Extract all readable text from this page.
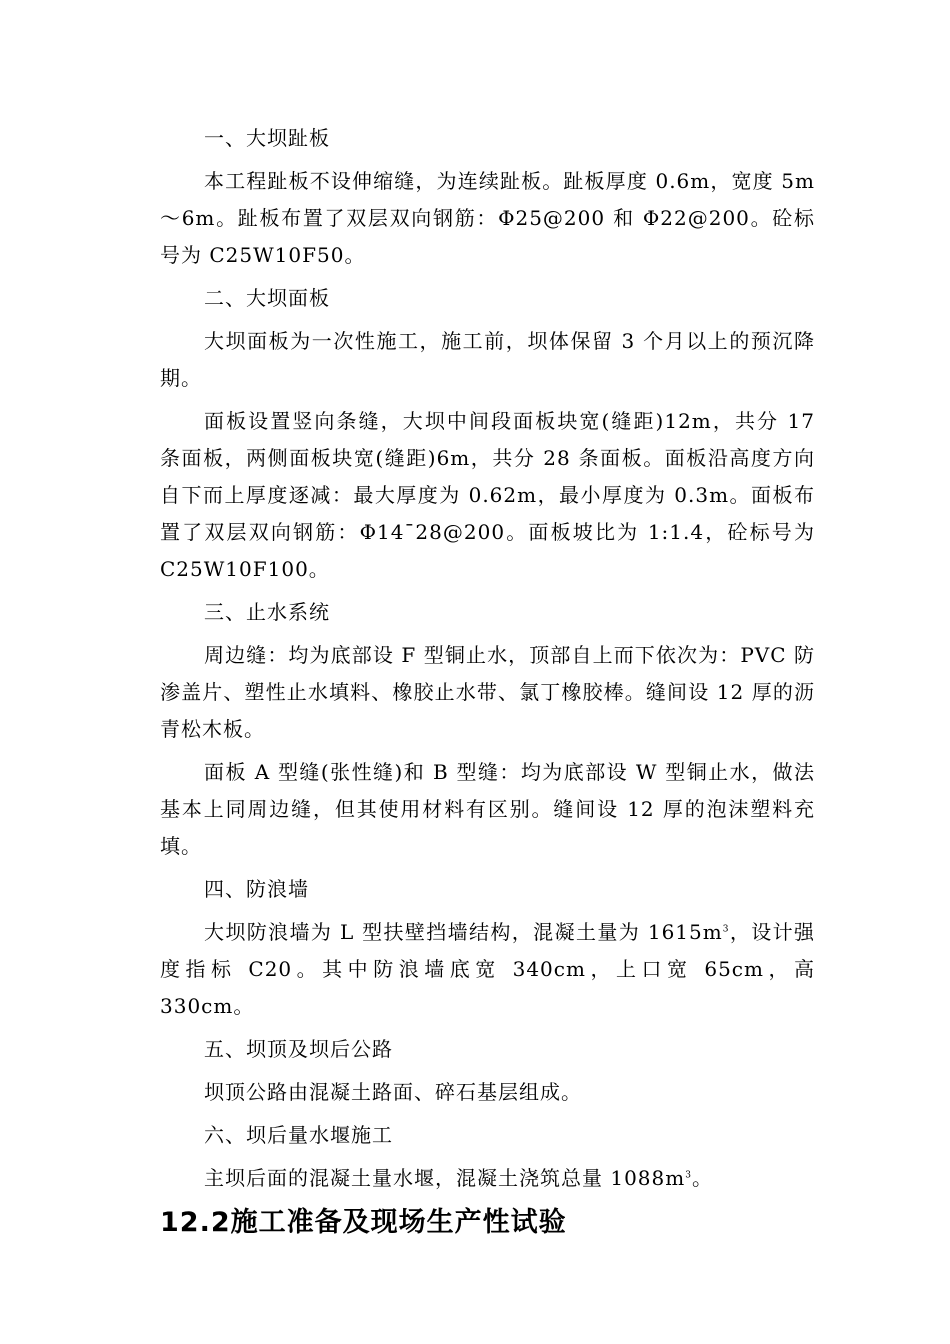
一、大坝趾板

本工程趾板不设伸缩缝，为连续趾板。趾板厚度 0.6m，宽度 5m～6m。趾板布置了双层双向钢筋：Φ25@200 和 Φ22@200。砼标号为 C25W10F50。

二、大坝面板

大坝面板为一次性施工，施工前，坝体保留 3 个月以上的预沉降期。

面板设置竖向条缝，大坝中间段面板块宽(缝距)12m，共分 17 条面板，两侧面板块宽(缝距)6m，共分 28 条面板。面板沿高度方向自下而上厚度逐减：最大厚度为 0.62m，最小厚度为 0.3m。面板布置了双层双向钢筋：Φ14¯28@200。面板坡比为 1:1.4，砼标号为 C25W10F100。

三、止水系统

周边缝：均为底部设 F 型铜止水，顶部自上而下依次为：PVC 防渗盖片、塑性止水填料、橡胶止水带、氯丁橡胶棒。缝间设 12 厚的沥青松木板。

面板 A 型缝(张性缝)和 B 型缝：均为底部设 W 型铜止水，做法基本上同周边缝，但其使用材料有区别。缝间设 12 厚的泡沫塑料充填。

四、防浪墙

大坝防浪墙为 L 型扶壁挡墙结构，混凝土量为 $1615m^3$，设计强度指标 C20。其中防浪墙底宽 340cm，上口宽 65cm，高 330cm。

五、坝顶及坝后公路

坝顶公路由混凝土路面、碎石基层组成。

六、坝后量水堰施工

主坝后面的混凝土量水堰，混凝土浇筑总量 $1088m^3$。

12.2施工准备及现场生产性试验
